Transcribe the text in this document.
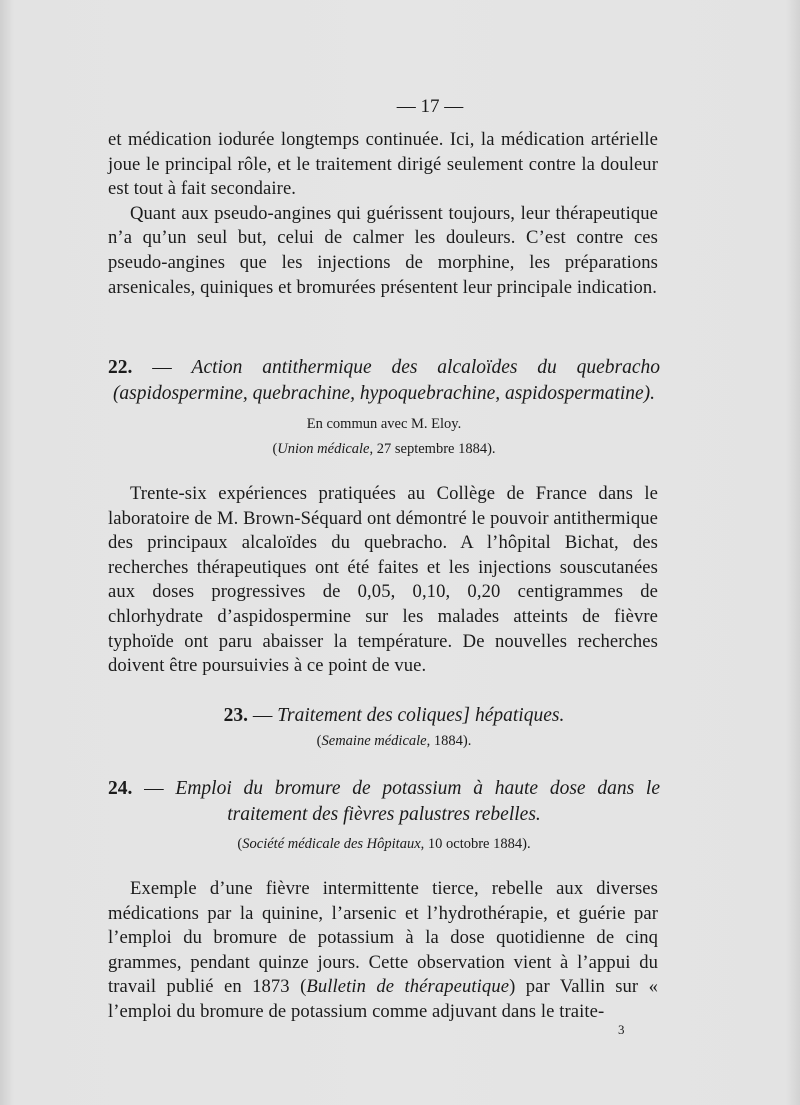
— 17 —

et médication iodurée longtemps continuée. Ici, la médication artérielle joue le principal rôle, et le traitement dirigé seulement contre la douleur est tout à fait secondaire.

Quant aux pseudo-angines qui guérissent toujours, leur thérapeutique n’a qu’un seul but, celui de calmer les douleurs. C’est contre ces pseudo-angines que les injections de morphine, les préparations arsenicales, quiniques et bromurées présentent leur principale indication.

22. — Action antithermique des alcaloïdes du quebracho (aspidospermine, quebrachine, hypoquebrachine, aspidospermatine).
En commun avec M. Eloy.
(Union médicale, 27 septembre 1884).

Trente-six expériences pratiquées au Collège de France dans le laboratoire de M. Brown-Séquard ont démontré le pouvoir antithermique des principaux alcaloïdes du quebracho. A l’hôpital Bichat, des recherches thérapeutiques ont été faites et les injections souscutanées aux doses progressives de 0,05, 0,10, 0,20 centigrammes de chlorhydrate d’aspidospermine sur les malades atteints de fièvre typhoïde ont paru abaisser la température. De nouvelles recherches doivent être poursuivies à ce point de vue.

23. — Traitement des coliques] hépatiques.
(Semaine médicale, 1884).
24. — Emploi du bromure de potassium à haute dose dans le traitement des fièvres palustres rebelles.
(Société médicale des Hôpitaux, 10 octobre 1884).

Exemple d’une fièvre intermittente tierce, rebelle aux diverses médications par la quinine, l’arsenic et l’hydrothérapie, et guérie par l’emploi du bromure de potassium à la dose quotidienne de cinq grammes, pendant quinze jours. Cette observation vient à l’appui du travail publié en 1873 (Bulletin de thérapeutique) par Vallin sur « l’emploi du bromure de potassium comme adjuvant dans le traite-

3
